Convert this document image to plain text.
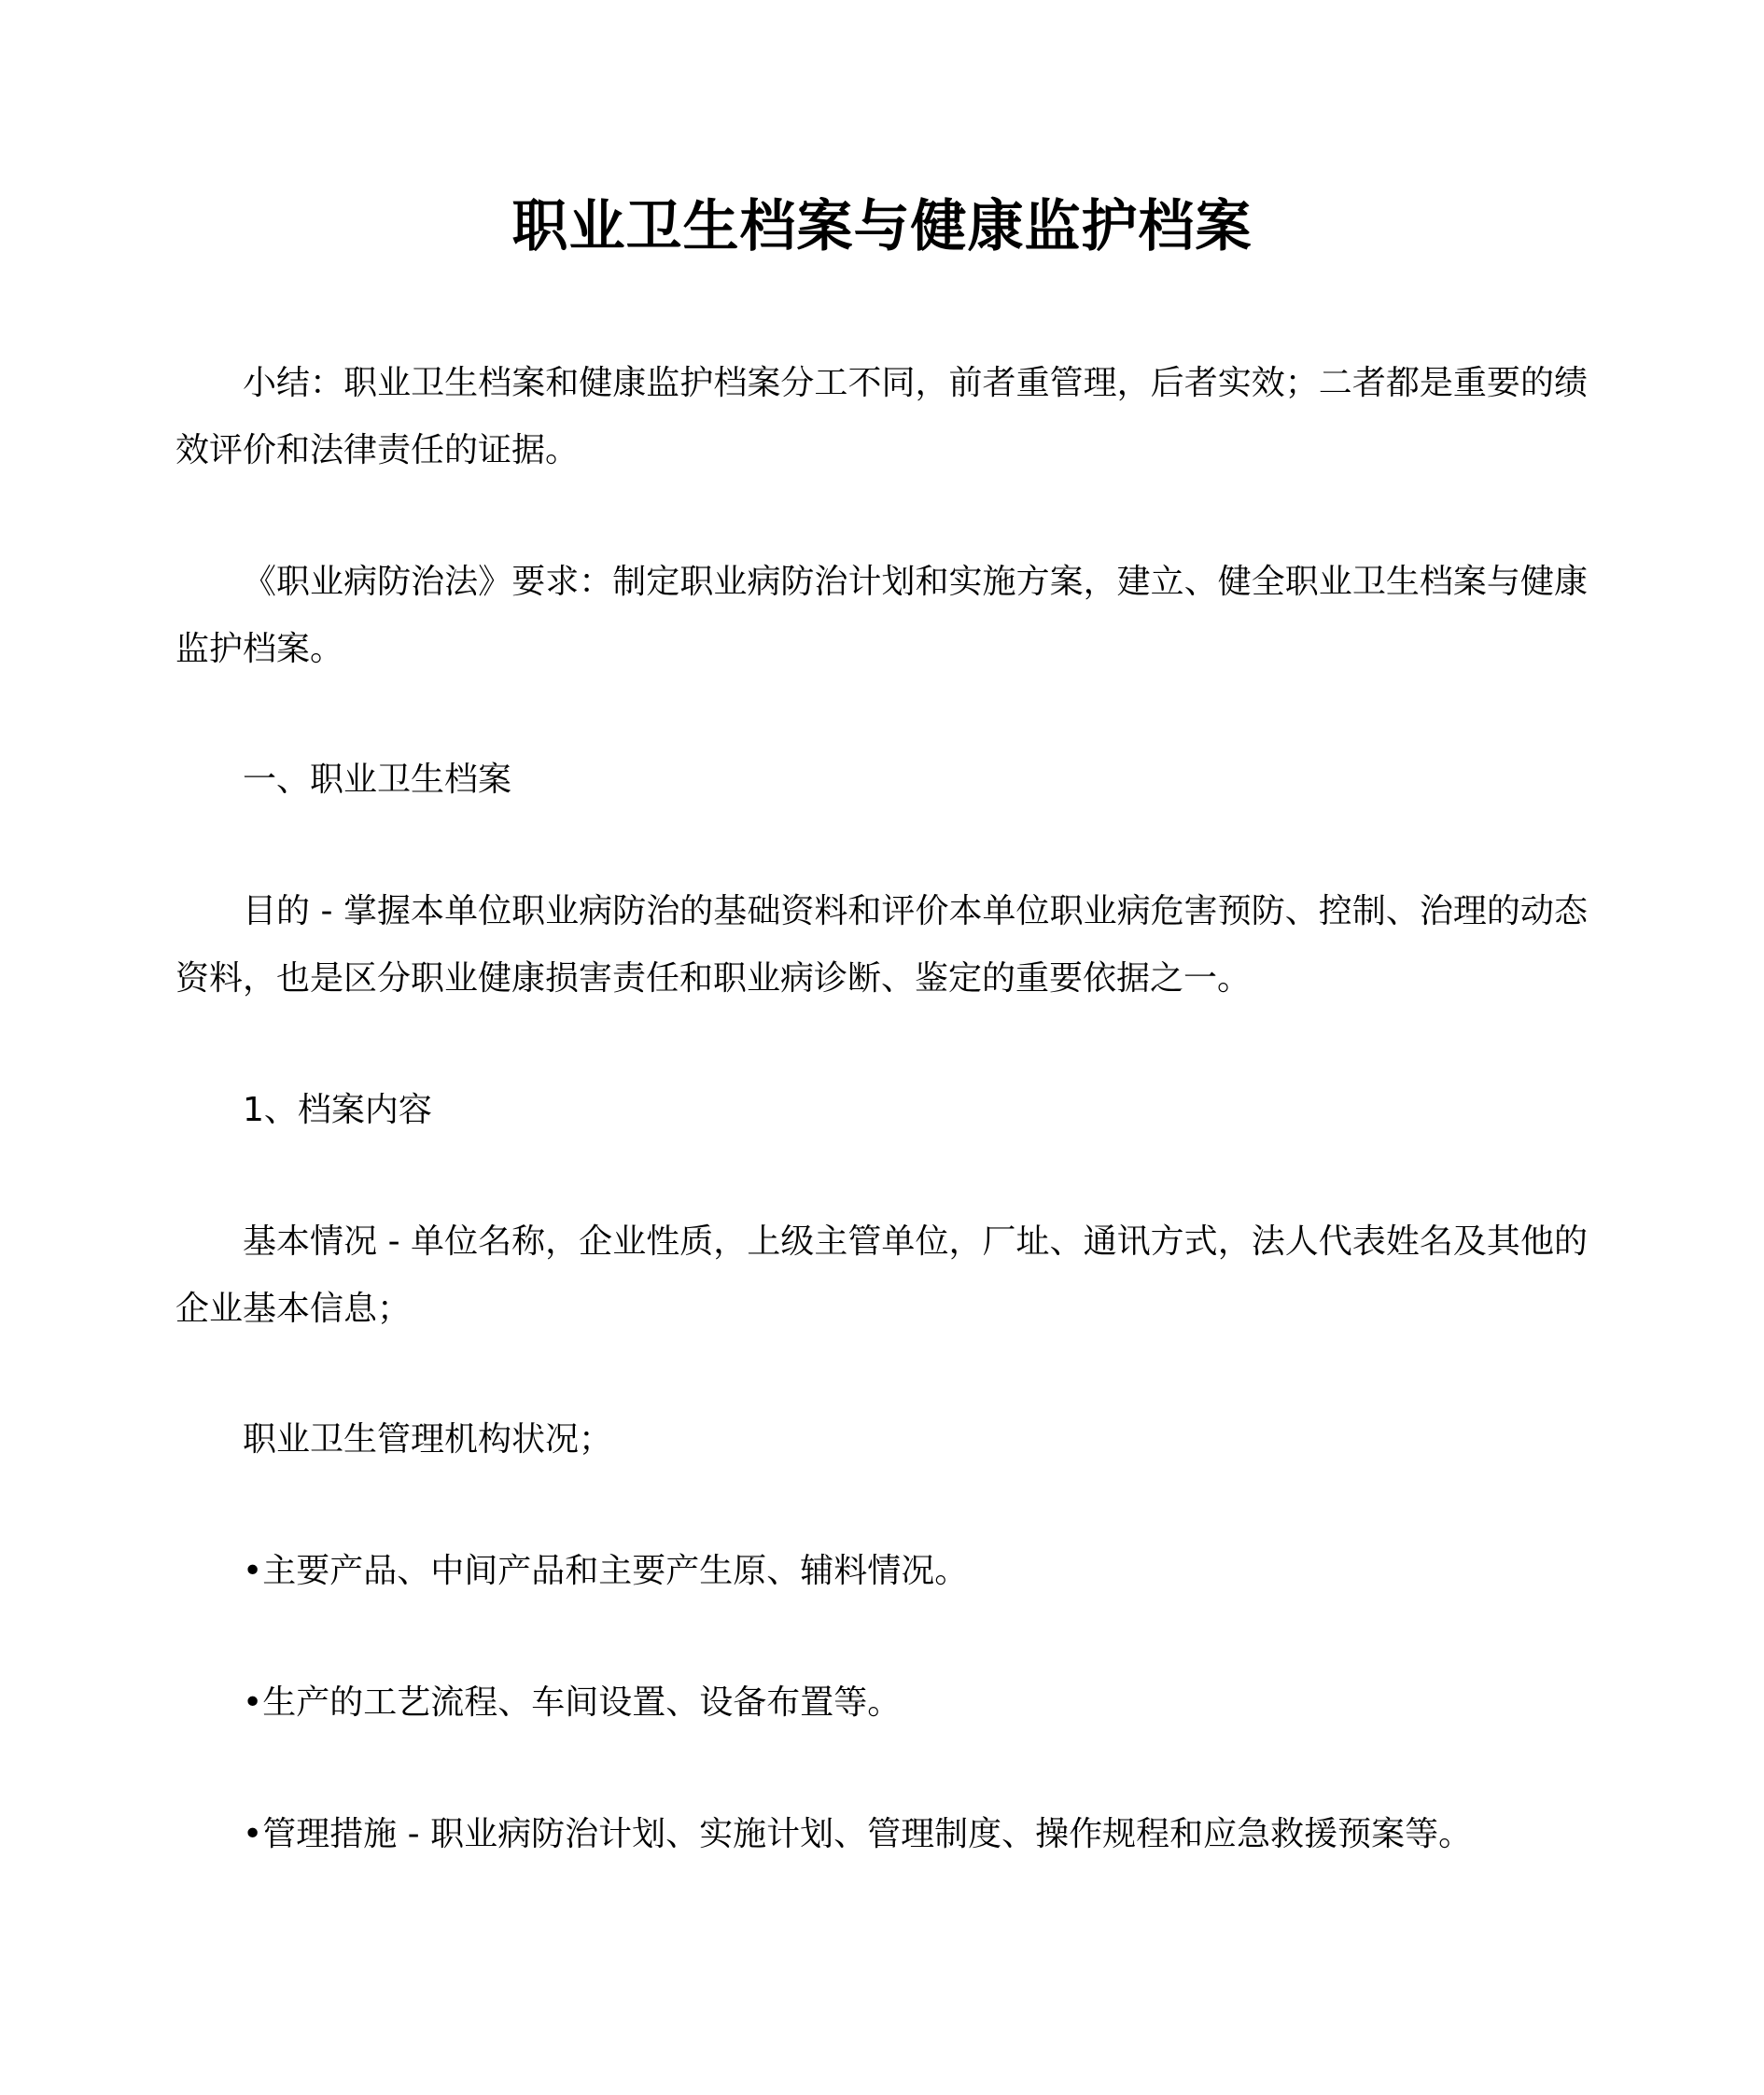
职业卫生档案与健康监护档案

小结：职业卫生档案和健康监护档案分工不同，前者重管理，后者实效；二者都是重要的绩效评价和法律责任的证据。

《职业病防治法》要求：制定职业病防治计划和实施方案，建立、健全职业卫生档案与健康监护档案。

一、职业卫生档案

目的 - 掌握本单位职业病防治的基础资料和评价本单位职业病危害预防、控制、治理的动态资料，也是区分职业健康损害责任和职业病诊断、鉴定的重要依据之一。

1、档案内容

基本情况 - 单位名称，企业性质，上级主管单位，厂址、通讯方式，法人代表姓名及其他的企业基本信息；

职业卫生管理机构状况；

•主要产品、中间产品和主要产生原、辅料情况。

•生产的工艺流程、车间设置、设备布置等。

•管理措施 - 职业病防治计划、实施计划、管理制度、操作规程和应急救援预案等。
